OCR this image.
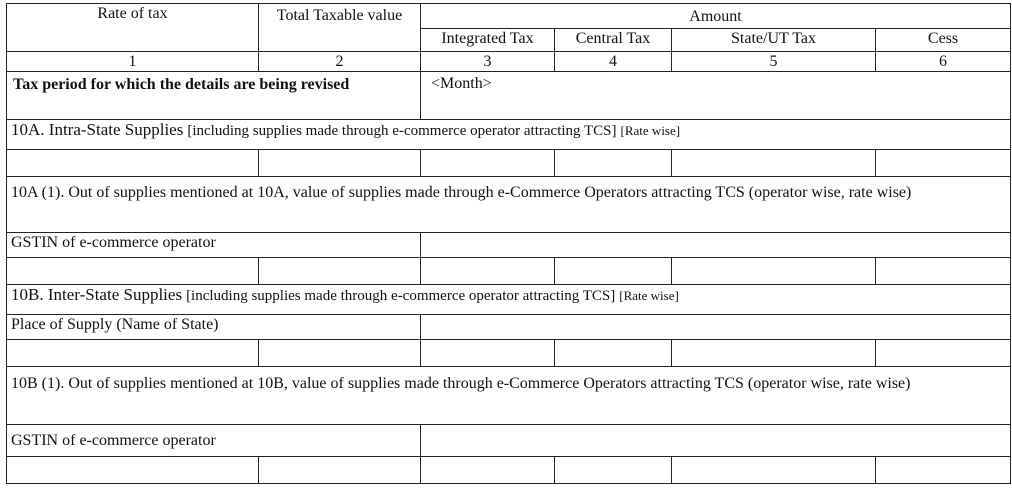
Rate of tax	Total Taxable value	Amount			
		Integrated Tax	Central Tax	State/UT Tax	Cess
1	2	3	4	5	6
Tax period for which the details are being revised		<Month>			
10A. Intra-State Supplies [including supplies made through e-commerce operator attracting TCS] [Rate wise]					

10A (1). Out of supplies mentioned at 10A, value of supplies made through e-Commerce Operators attracting TCS (operator wise, rate wise)					
GSTIN of e-commerce operator					

10B. Inter-State Supplies [including supplies made through e-commerce operator attracting TCS] [Rate wise]					
Place of Supply (Name of State)					

10B (1). Out of supplies mentioned at 10B, value of supplies made through e-Commerce Operators attracting TCS (operator wise, rate wise)					
GSTIN of e-commerce operator					
